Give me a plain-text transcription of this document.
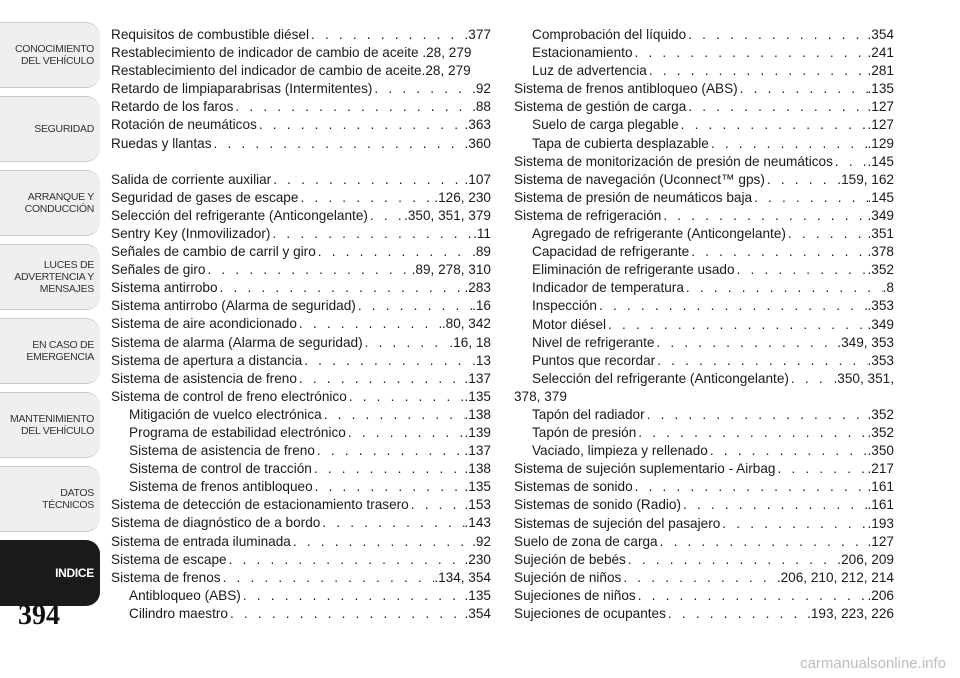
CONOCIMIENTO
DEL VEHÍCULO
SEGURIDAD
ARRANQUE Y
CONDUCCIÓN
LUCES DE
ADVERTENCIA Y
MENSAJES
EN CASO DE
EMERGENCIA
MANTENIMIENTO
DEL VEHÍCULO
DATOS
TÉCNICOS
INDICE
394
Requisitos de combustible diésel . . .	.377
Restablecimiento de indicador de cambio de aceite .28, 279
Restablecimiento del indicador de cambio de aceite.28, 279
Retardo de limpiaparabrisas (Intermitentes) . . .	.92
Retardo de los faros . . .	.88
Rotación de neumáticos . . .	.363
Ruedas y llantas . . .	.360
Salida de corriente auxiliar . . .	.107
Seguridad de gases de escape . . .	.126, 230
Selección del refrigerante (Anticongelante) . . .	.350, 351, 379
Sentry Key (Inmovilizador) . . .	.11
Señales de cambio de carril y giro . . .	.89
Señales de giro . . .	.89, 278, 310
Sistema antirrobo . . .	.283
Sistema antirrobo (Alarma de seguridad) . . .	.16
Sistema de aire acondicionado . . .	.80, 342
Sistema de alarma (Alarma de seguridad) . . .	.16, 18
Sistema de apertura a distancia . . .	.13
Sistema de asistencia de freno . . .	.137
Sistema de control de freno electrónico . . .	.135
Mitigación de vuelco electrónica . . .	.138
Programa de estabilidad electrónico . . .	.139
Sistema de asistencia de freno . . .	.137
Sistema de control de tracción . . .	.138
Sistema de frenos antibloqueo . . .	.135
Sistema de detección de estacionamiento trasero . . .	.153
Sistema de diagnóstico de a bordo . . .	.143
Sistema de entrada iluminada . . .	.92
Sistema de escape . . .	.230
Sistema de frenos . . .	.134, 354
Antibloqueo (ABS) . . .	.135
Cilindro maestro . . .	.354
Comprobación del líquido . . .	.354
Estacionamiento . . .	.241
Luz de advertencia . . .	.281
Sistema de frenos antibloqueo (ABS) . . .	.135
Sistema de gestión de carga . . .	.127
Suelo de carga plegable . . .	.127
Tapa de cubierta desplazable . . .	.129
Sistema de monitorización de presión de neumáticos . . .	.145
Sistema de navegación (Uconnect™ gps) . . .	.159, 162
Sistema de presión de neumáticos baja . . .	.145
Sistema de refrigeración . . .	.349
Agregado de refrigerante (Anticongelante) . . .	.351
Capacidad de refrigerante . . .	.378
Eliminación de refrigerante usado . . .	.352
Indicador de temperatura . . .	.8
Inspección . . .	.353
Motor diésel . . .	.349
Nivel de refrigerante . . .	.349, 353
Puntos que recordar . . .	.353
Selección del refrigerante (Anticongelante) . . .	.350, 351,
378, 379
Tapón del radiador . . .	.352
Tapón de presión . . .	.352
Vaciado, limpieza y rellenado . . .	.350
Sistema de sujeción suplementario - Airbag . . .	.217
Sistemas de sonido . . .	.161
Sistemas de sonido (Radio) . . .	.161
Sistemas de sujeción del pasajero . . .	.193
Suelo de zona de carga . . .	.127
Sujeción de bebés . . .	.206, 209
Sujeción de niños . . .	.206, 210, 212, 214
Sujeciones de niños . . .	.206
Sujeciones de ocupantes . . .	.193, 223, 226
carmanualsonline.info
